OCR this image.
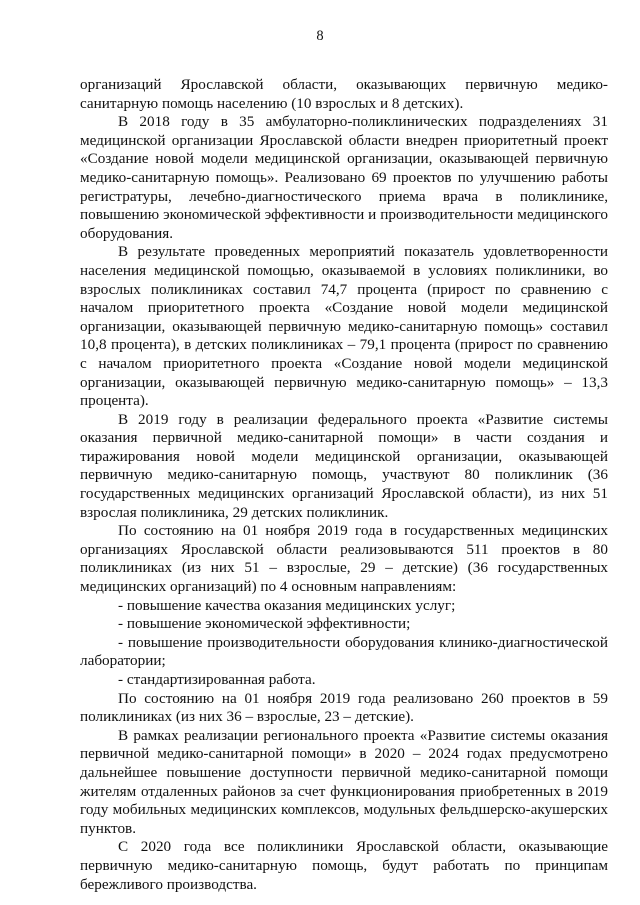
8

организаций Ярославской области, оказывающих первичную медико-санитарную помощь населению (10 взрослых и 8 детских).

В 2018 году в 35 амбулаторно-поликлинических подразделениях 31 медицинской организации Ярославской области внедрен приоритетный проект «Создание новой модели медицинской организации, оказывающей первичную медико-санитарную помощь». Реализовано 69 проектов по улучшению работы регистратуры, лечебно-диагностического приема врача в поликлинике, повышению экономической эффективности и производительности медицинского оборудования.

В результате проведенных мероприятий показатель удовлетворенности населения медицинской помощью, оказываемой в условиях поликлиники, во взрослых поликлиниках составил 74,7 процента (прирост по сравнению с началом приоритетного проекта «Создание новой модели медицинской организации, оказывающей первичную медико-санитарную помощь» составил 10,8 процента), в детских поликлиниках – 79,1 процента (прирост по сравнению с началом приоритетного проекта «Создание новой модели медицинской организации, оказывающей первичную медико-санитарную помощь» – 13,3 процента).

В 2019 году в реализации федерального проекта «Развитие системы оказания первичной медико-санитарной помощи» в части создания и тиражирования новой модели медицинской организации, оказывающей первичную медико-санитарную помощь, участвуют 80 поликлиник (36 государственных медицинских организаций Ярославской области), из них 51 взрослая поликлиника, 29 детских поликлиник.

По состоянию на 01 ноября 2019 года в государственных медицинских организациях Ярославской области реализовываются 511 проектов в 80 поликлиниках (из них 51 – взрослые, 29 – детские) (36 государственных медицинских организаций) по 4 основным направлениям:

- повышение качества оказания медицинских услуг;

- повышение экономической эффективности;

- повышение производительности оборудования клинико-диагностической лаборатории;

- стандартизированная работа.

По состоянию на 01 ноября 2019 года реализовано 260 проектов в 59 поликлиниках (из них 36 – взрослые, 23 – детские).

В рамках реализации регионального проекта «Развитие системы оказания первичной медико-санитарной помощи» в 2020 – 2024 годах предусмотрено дальнейшее повышение доступности первичной медико-санитарной помощи жителям отдаленных районов за счет функционирования приобретенных в 2019 году мобильных медицинских комплексов, модульных фельдшерско-акушерских пунктов.

С 2020 года все поликлиники Ярославской области, оказывающие первичную медико-санитарную помощь, будут работать по принципам бережливого производства.
